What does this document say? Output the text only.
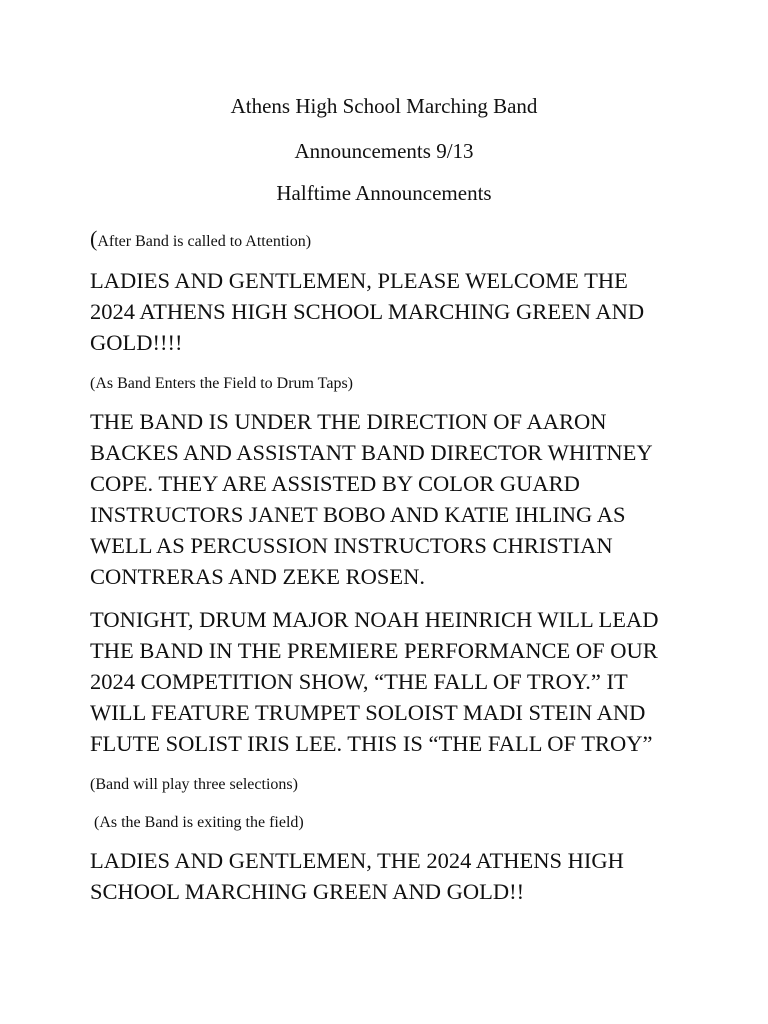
Athens High School Marching Band
Announcements 9/13
Halftime Announcements
(After Band is called to Attention)
LADIES AND GENTLEMEN, PLEASE WELCOME THE
2024 ATHENS HIGH SCHOOL MARCHING GREEN AND
GOLD!!!!
(As Band Enters the Field to Drum Taps)
THE BAND IS UNDER THE DIRECTION OF AARON
BACKES AND ASSISTANT BAND DIRECTOR WHITNEY
COPE. THEY ARE ASSISTED BY COLOR GUARD
INSTRUCTORS JANET BOBO AND KATIE IHLING AS
WELL AS PERCUSSION INSTRUCTORS CHRISTIAN
CONTRERAS AND ZEKE ROSEN.
TONIGHT, DRUM MAJOR NOAH HEINRICH WILL LEAD
THE BAND IN THE PREMIERE PERFORMANCE OF OUR
2024 COMPETITION SHOW, “THE FALL OF TROY.” IT
WILL FEATURE TRUMPET SOLOIST MADI STEIN AND
FLUTE SOLIST IRIS LEE. THIS IS “THE FALL OF TROY”
(Band will play three selections)
(As the Band is exiting the field)
LADIES AND GENTLEMEN, THE 2024 ATHENS HIGH
SCHOOL MARCHING GREEN AND GOLD!!
